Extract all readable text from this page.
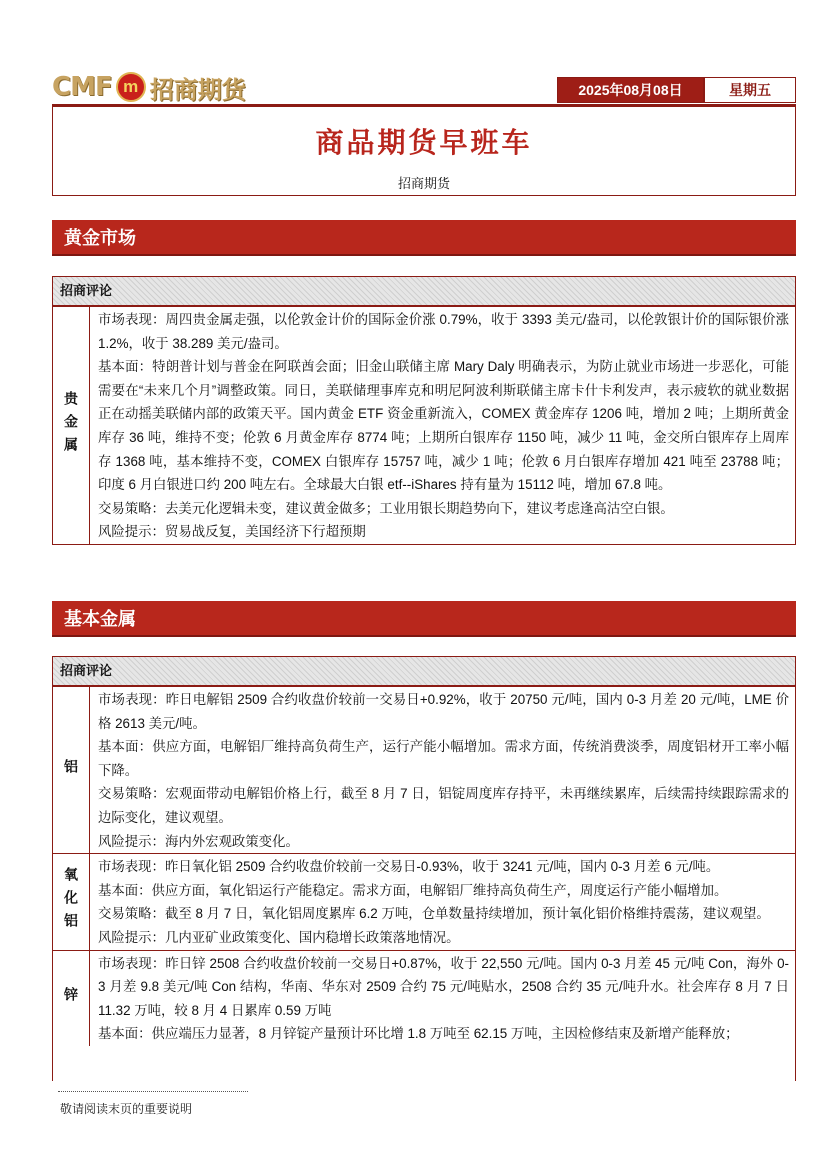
CMF m 招商期货	2025年08月08日	星期五
商品期货早班车
招商期货
黄金市场
招商评论
贵金属

市场表现：周四贵金属走强，以伦敦金计价的国际金价涨 0.79%，收于 3393 美元/盎司，以伦敦银计价的国际银价涨 1.2%，收于 38.289 美元/盎司。

基本面：特朗普计划与普金在阿联酋会面；旧金山联储主席 Mary Daly 明确表示，为防止就业市场进一步恶化，可能需要在“未来几个月”调整政策。同日，美联储理事库克和明尼阿波利斯联储主席卡什卡利发声，表示疲软的就业数据正在动摇美联储内部的政策天平。国内黄金 ETF 资金重新流入，COMEX 黄金库存 1206 吨，增加 2 吨；上期所黄金库存 36 吨，维持不变；伦敦 6 月黄金库存 8774 吨；上期所白银库存 1150 吨，减少 11 吨，金交所白银库存上周库存 1368 吨，基本维持不变，COMEX 白银库存 15757 吨，减少 1 吨；伦敦 6 月白银库存增加 421 吨至 23788 吨；印度 6 月白银进口约 200 吨左右。全球最大白银 etf--iShares 持有量为 15112 吨，增加 67.8 吨。

交易策略：去美元化逻辑未变，建议黄金做多；工业用银长期趋势向下，建议考虑逢高沽空白银。

风险提示：贸易战反复，美国经济下行超预期

基本金属
招商评论
铝

市场表现：昨日电解铝 2509 合约收盘价较前一交易日+0.92%，收于 20750 元/吨，国内 0-3 月差 20 元/吨，LME 价格 2613 美元/吨。

基本面：供应方面，电解铝厂维持高负荷生产，运行产能小幅增加。需求方面，传统消费淡季，周度铝材开工率小幅下降。

交易策略：宏观面带动电解铝价格上行，截至 8 月 7 日，铝锭周度库存持平，未再继续累库，后续需持续跟踪需求的边际变化，建议观望。

风险提示：海内外宏观政策变化。

氧化铝

市场表现：昨日氧化铝 2509 合约收盘价较前一交易日-0.93%，收于 3241 元/吨，国内 0-3 月差 6 元/吨。

基本面：供应方面，氧化铝运行产能稳定。需求方面，电解铝厂维持高负荷生产，周度运行产能小幅增加。

交易策略：截至 8 月 7 日，氧化铝周度累库 6.2 万吨，仓单数量持续增加，预计氧化铝价格维持震荡，建议观望。

风险提示：几内亚矿业政策变化、国内稳增长政策落地情况。

锌

市场表现：昨日锌 2508 合约收盘价较前一交易日+0.87%，收于 22,550 元/吨。国内 0-3 月差 45 元/吨 Con，海外 0-3 月差 9.8 美元/吨 Con 结构，华南、华东对 2509 合约 75 元/吨贴水，2508 合约 35 元/吨升水。社会库存 8 月 7 日 11.32 万吨，较 8 月 4 日累库 0.59 万吨

基本面：供应端压力显著，8 月锌锭产量预计环比增 1.8 万吨至 62.15 万吨，主因检修结束及新增产能释放；

敬请阅读末页的重要说明
